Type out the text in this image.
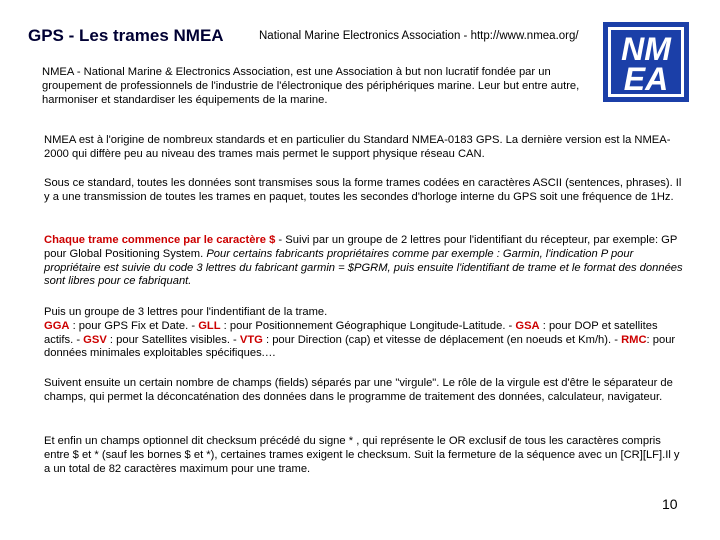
GPS - Les trames NMEA	National Marine Electronics Association - http://www.nmea.org/ NM
EA

NMEA - National Marine & Electronics Association, est une Association à but non lucratif fondée par un groupement de professionnels de l'industrie de l'électronique des périphériques marine. Leur but entre autre, harmoniser et standardiser les équipements de la marine.

NMEA est à l'origine de nombreux standards et en particulier du Standard NMEA-0183 GPS. La dernière version est la NMEA-2000 qui diffère peu au niveau des trames mais permet le support physique réseau CAN.

Sous ce standard, toutes les données sont transmises sous la forme trames codées en caractères ASCII (sentences, phrases). Il y a une transmission de toutes les trames en paquet, toutes les secondes d'horloge interne du GPS soit une fréquence de 1Hz.

Chaque trame commence par le caractère $ - Suivi par un groupe de 2 lettres pour l'identifiant du récepteur, par exemple: GP pour Global Positioning System. Pour certains fabricants propriétaires comme par exemple : Garmin, l'indication P pour propriétaire est suivie du code 3 lettres du fabricant garmin = $PGRM, puis ensuite l'identifiant de trame et le format des données sont libres pour ce fabriquant.

Puis un groupe de 3 lettres pour l'indentifiant de la trame.
GGA : pour GPS Fix et Date. - GLL : pour Positionnement Géographique Longitude-Latitude. - GSA : pour DOP et satellites actifs. - GSV : pour Satellites visibles. - VTG : pour Direction (cap) et vitesse de déplacement (en noeuds et Km/h). - RMC: pour données minimales exploitables spécifiques.…

Suivent ensuite un certain nombre de champs (fields) séparés par une "virgule". Le rôle de la virgule est d'être le séparateur de champs, qui permet la déconcaténation des données dans le programme de traitement des données, calculateur, navigateur.

Et enfin un champs optionnel dit checksum précédé du signe * , qui représente le OR exclusif de tous les caractères compris entre $ et * (sauf les bornes $ et *), certaines trames exigent le checksum. Suit la fermeture de la séquence avec un [CR][LF].Il y a un total de 82 caractères maximum pour une trame.

10
